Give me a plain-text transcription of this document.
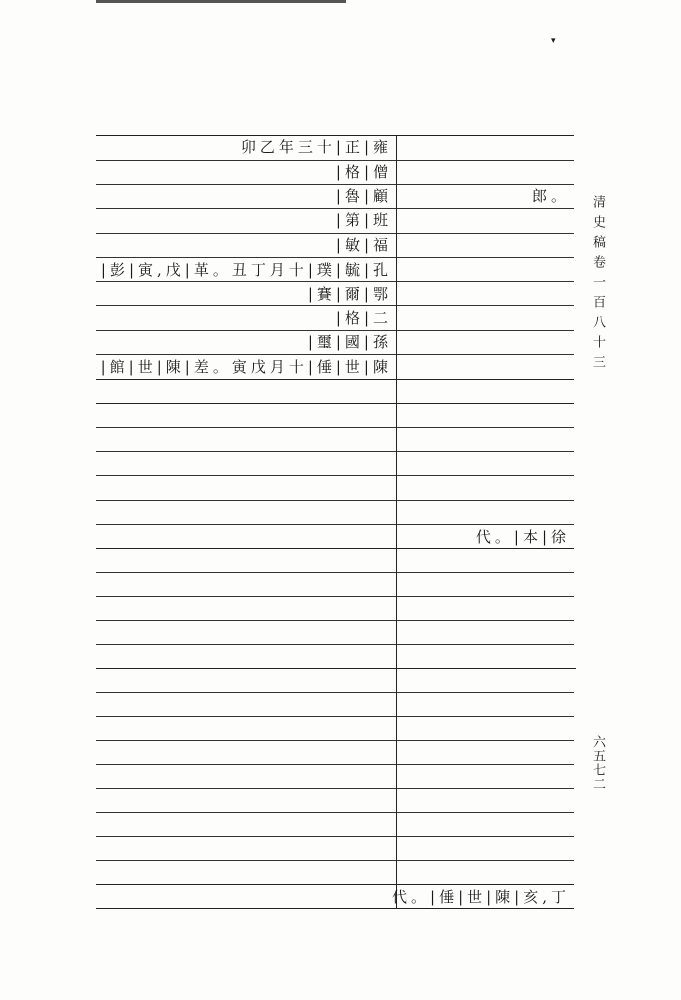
▾
卯乙年三十|正|雍
|格|僧
|魯|顧
|第|班
|敏|福
|彭|寅,戊|革。丑丁月十|璞|毓|孔
|賽|爾|鄂
|格|二
|璽|國|孫
|館|世|陳|差。寅戊月十|倕|世|陳
郎。
代。|本|徐
代。|倕|世|陳|亥,丁
清史稿卷一百八十三
六五七二
